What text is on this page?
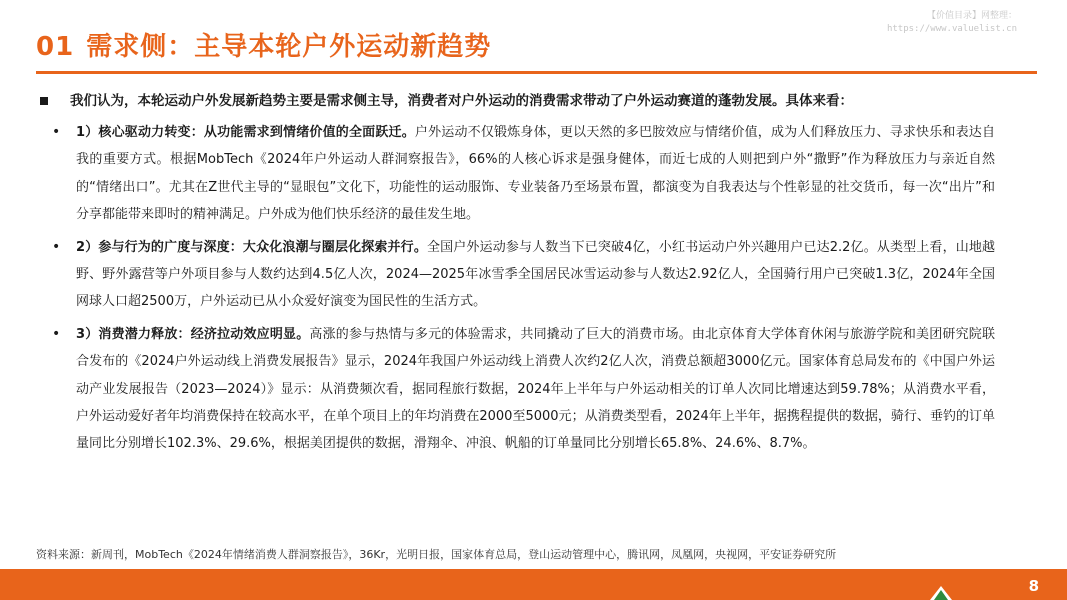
01 需求侧：主导本轮户外运动新趋势
【价值目录】网整理：
https://www.valuelist.cn
我们认为，本轮运动户外发展新趋势主要是需求侧主导，消费者对户外运动的消费需求带动了户外运动赛道的蓬勃发展。具体来看：
• 1）核心驱动力转变：从功能需求到情绪价值的全面跃迁。户外运动不仅锻炼身体，更以天然的多巴胺效应与情绪价值，成为人们释放压力、寻求快乐和表达自我的重要方式。根据MobTech《2024年户外运动人群洞察报告》，66%的人核心诉求是强身健体，而近七成的人则把到户外“撒野”作为释放压力与亲近自然的“情绪出口”。尤其在Z世代主导的“显眼包”文化下，功能性的运动服饰、专业装备乃至场景布置，都演变为自我表达与个性彰显的社交货币，每一次“出片”和分享都能带来即时的精神满足。户外成为他们快乐经济的最佳发生地。
• 2）参与行为的广度与深度：大众化浪潮与圈层化探索并行。全国户外运动参与人数当下已突破4亿，小红书运动户外兴趣用户已达2.2亿。从类型上看，山地越野、野外露营等户外项目参与人数约达到4.5亿人次，2024—2025年冰雪季全国居民冰雪运动参与人数达2.92亿人，全国骑行用户已突破1.3亿，2024年全国网球人口超2500万，户外运动已从小众爱好演变为国民性的生活方式。
• 3）消费潜力释放：经济拉动效应明显。高涨的参与热情与多元的体验需求，共同撬动了巨大的消费市场。由北京体育大学体育休闲与旅游学院和美团研究院联合发布的《2024户外运动线上消费发展报告》显示，2024年我国户外运动线上消费人次约2亿人次，消费总额超3000亿元。国家体育总局发布的《中国户外运动产业发展报告（2023—2024）》显示：从消费频次看，据同程旅行数据，2024年上半年与户外运动相关的订单人次同比增速达到59.78%；从消费水平看，户外运动爱好者年均消费保持在较高水平，在单个项目上的年均消费在2000至5000元；从消费类型看，2024年上半年，据携程提供的数据，骑行、垂钓的订单量同比分别增长102.3%、29.6%，根据美团提供的数据，滑翔伞、冲浪、帆船的订单量同比分别增长65.8%、24.6%、8.7%。
资料来源：新周刊，MobTech《2024年情绪消费人群洞察报告》，36Kr，光明日报，国家体育总局，登山运动管理中心，腾讯网，凤凰网，央视网，平安证券研究所
8
